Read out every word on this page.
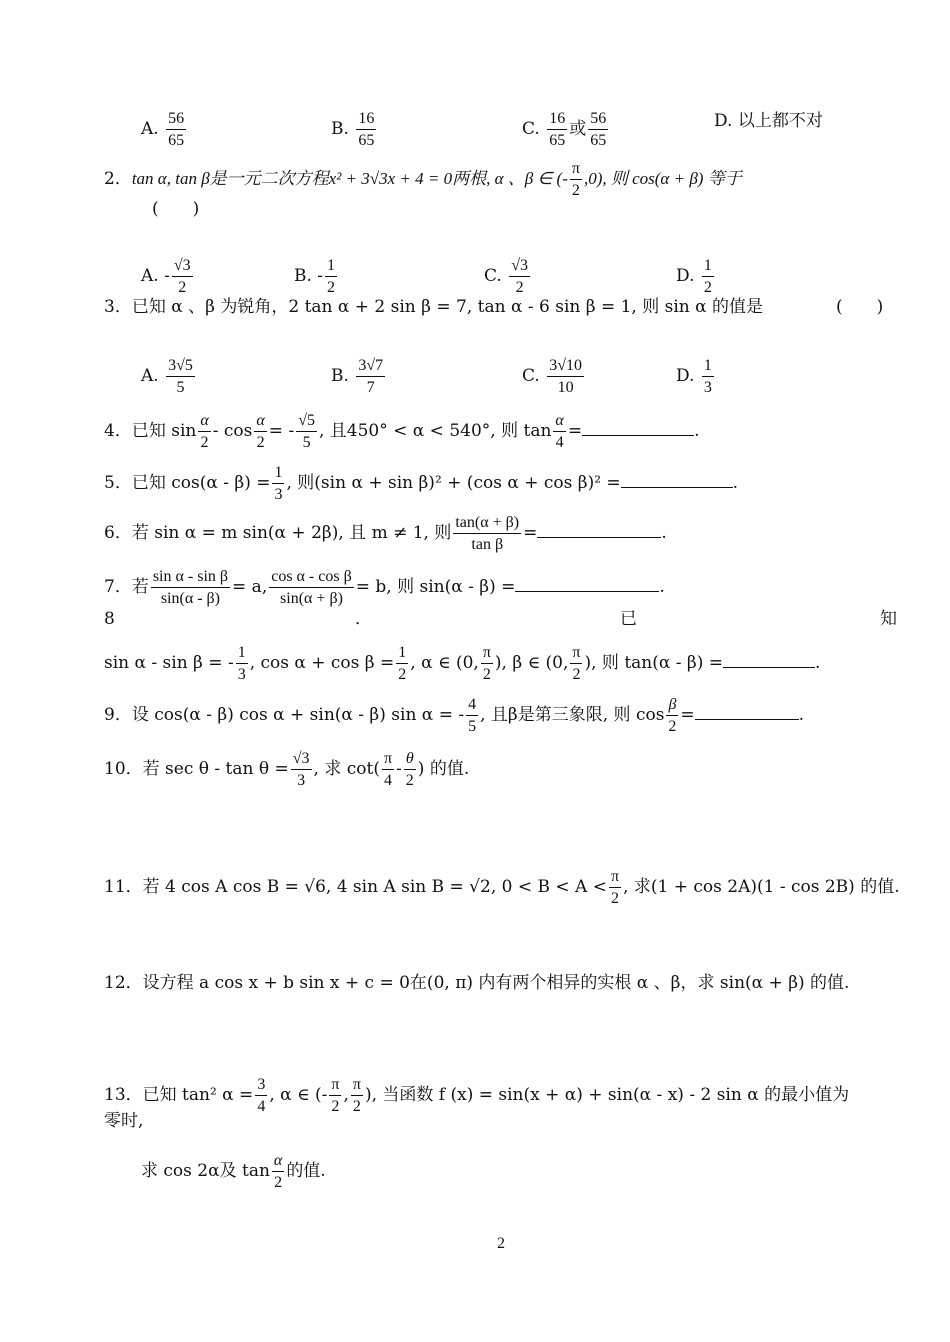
A. $\frac{56}{65}$	B. $\frac{16}{65}$	C. $\frac{16}{65}$ 或 $\frac{56}{65}$	D. 以上都不对
2．tan α, tan β是一元二次方程x² + 3√3x + 4 = 0两根, α 、β ∈ (- $\frac{\pi}{2} ,0$), 则 cos(α + β) 等于
(　　)
A. - $\frac{√3}{2}$	B. - $\frac{1}{2}$	C. $\frac{√3}{2}$	D. $\frac{1}{2}$
3．已知 α 、β 为锐角，2 tan α + 2 sin β = 7, tan α - 6 sin β = 1, 则 sin α 的值是	(　　)
A. $\frac{3√5}{5}$	B. $\frac{3√7}{7}$	C. $\frac{3√10}{10}$	D. $\frac{1}{3}$
4．已知 $\sin \frac{\alpha}{2}$ - $\cos \frac{\alpha}{2}$ = - $\frac{√5}{5}$ , 且450° < α < 540°, 则 $\tan \frac{\alpha}{4}$ =	.
5．已知 $\cos(\alpha - \beta) = \frac{1}{3}$ , 则(sin α + sin β)² + (cos α + cos β)² =	.
6．若 sin α = m sin(α + 2β), 且 m ≠ 1, 则 $\frac{\tan(\alpha + \beta)}{\text{tan β}}$ =	.
7．若 $\frac{\text{sin α - sin β}}{\sin(\alpha - \beta)} = a$, $\frac{\text{cos α - cos β}}{\sin(\alpha + \beta)} = b$, 则 sin(α - β) =	.
8	．	已	知
sin α - sin β = - $\frac{1}{3}$ , $\cos \alpha + \cos \beta = \frac{1}{2}$ , α ∈ (0, $\frac{\pi}{2}$ ), β ∈ (0, $\frac{\pi}{2}$ ), 则 tan(α - β) =	.
9．设 cos(α - β) cos α + sin(α - β) sin α = - $\frac{4}{5}$ , 且β是第三象限, 则 $\cos \frac{\beta}{2}$ =	.
10．若 $\sec \theta - \tan \theta = \frac{√3}{3}$ , 求 $\cot( \frac{\pi}{4} - \frac{\theta}{2}$ ) 的值.
11．若 4 cos A cos B = √6, 4 sin A sin B = √2, $0 < B < A < \frac{\pi}{2}$ , 求(1 + cos 2A)(1 - cos 2B) 的值.
12．设方程 a cos x + b sin x + c = 0在(0, π) 内有两个相异的实根 α 、β，求 sin(α + β) 的值.
13．已知 tan² $\alpha = \frac{3}{4}$ , α ∈ (- $\frac{\pi}{2}$ , $\frac{\pi}{2}$ ), 当函数 f (x) = sin(x + α) + sin(α - x) - 2 sin α 的最小值为
零时,
求 cos 2α及 $\tan \frac{\alpha}{2}$ 的值.
2
